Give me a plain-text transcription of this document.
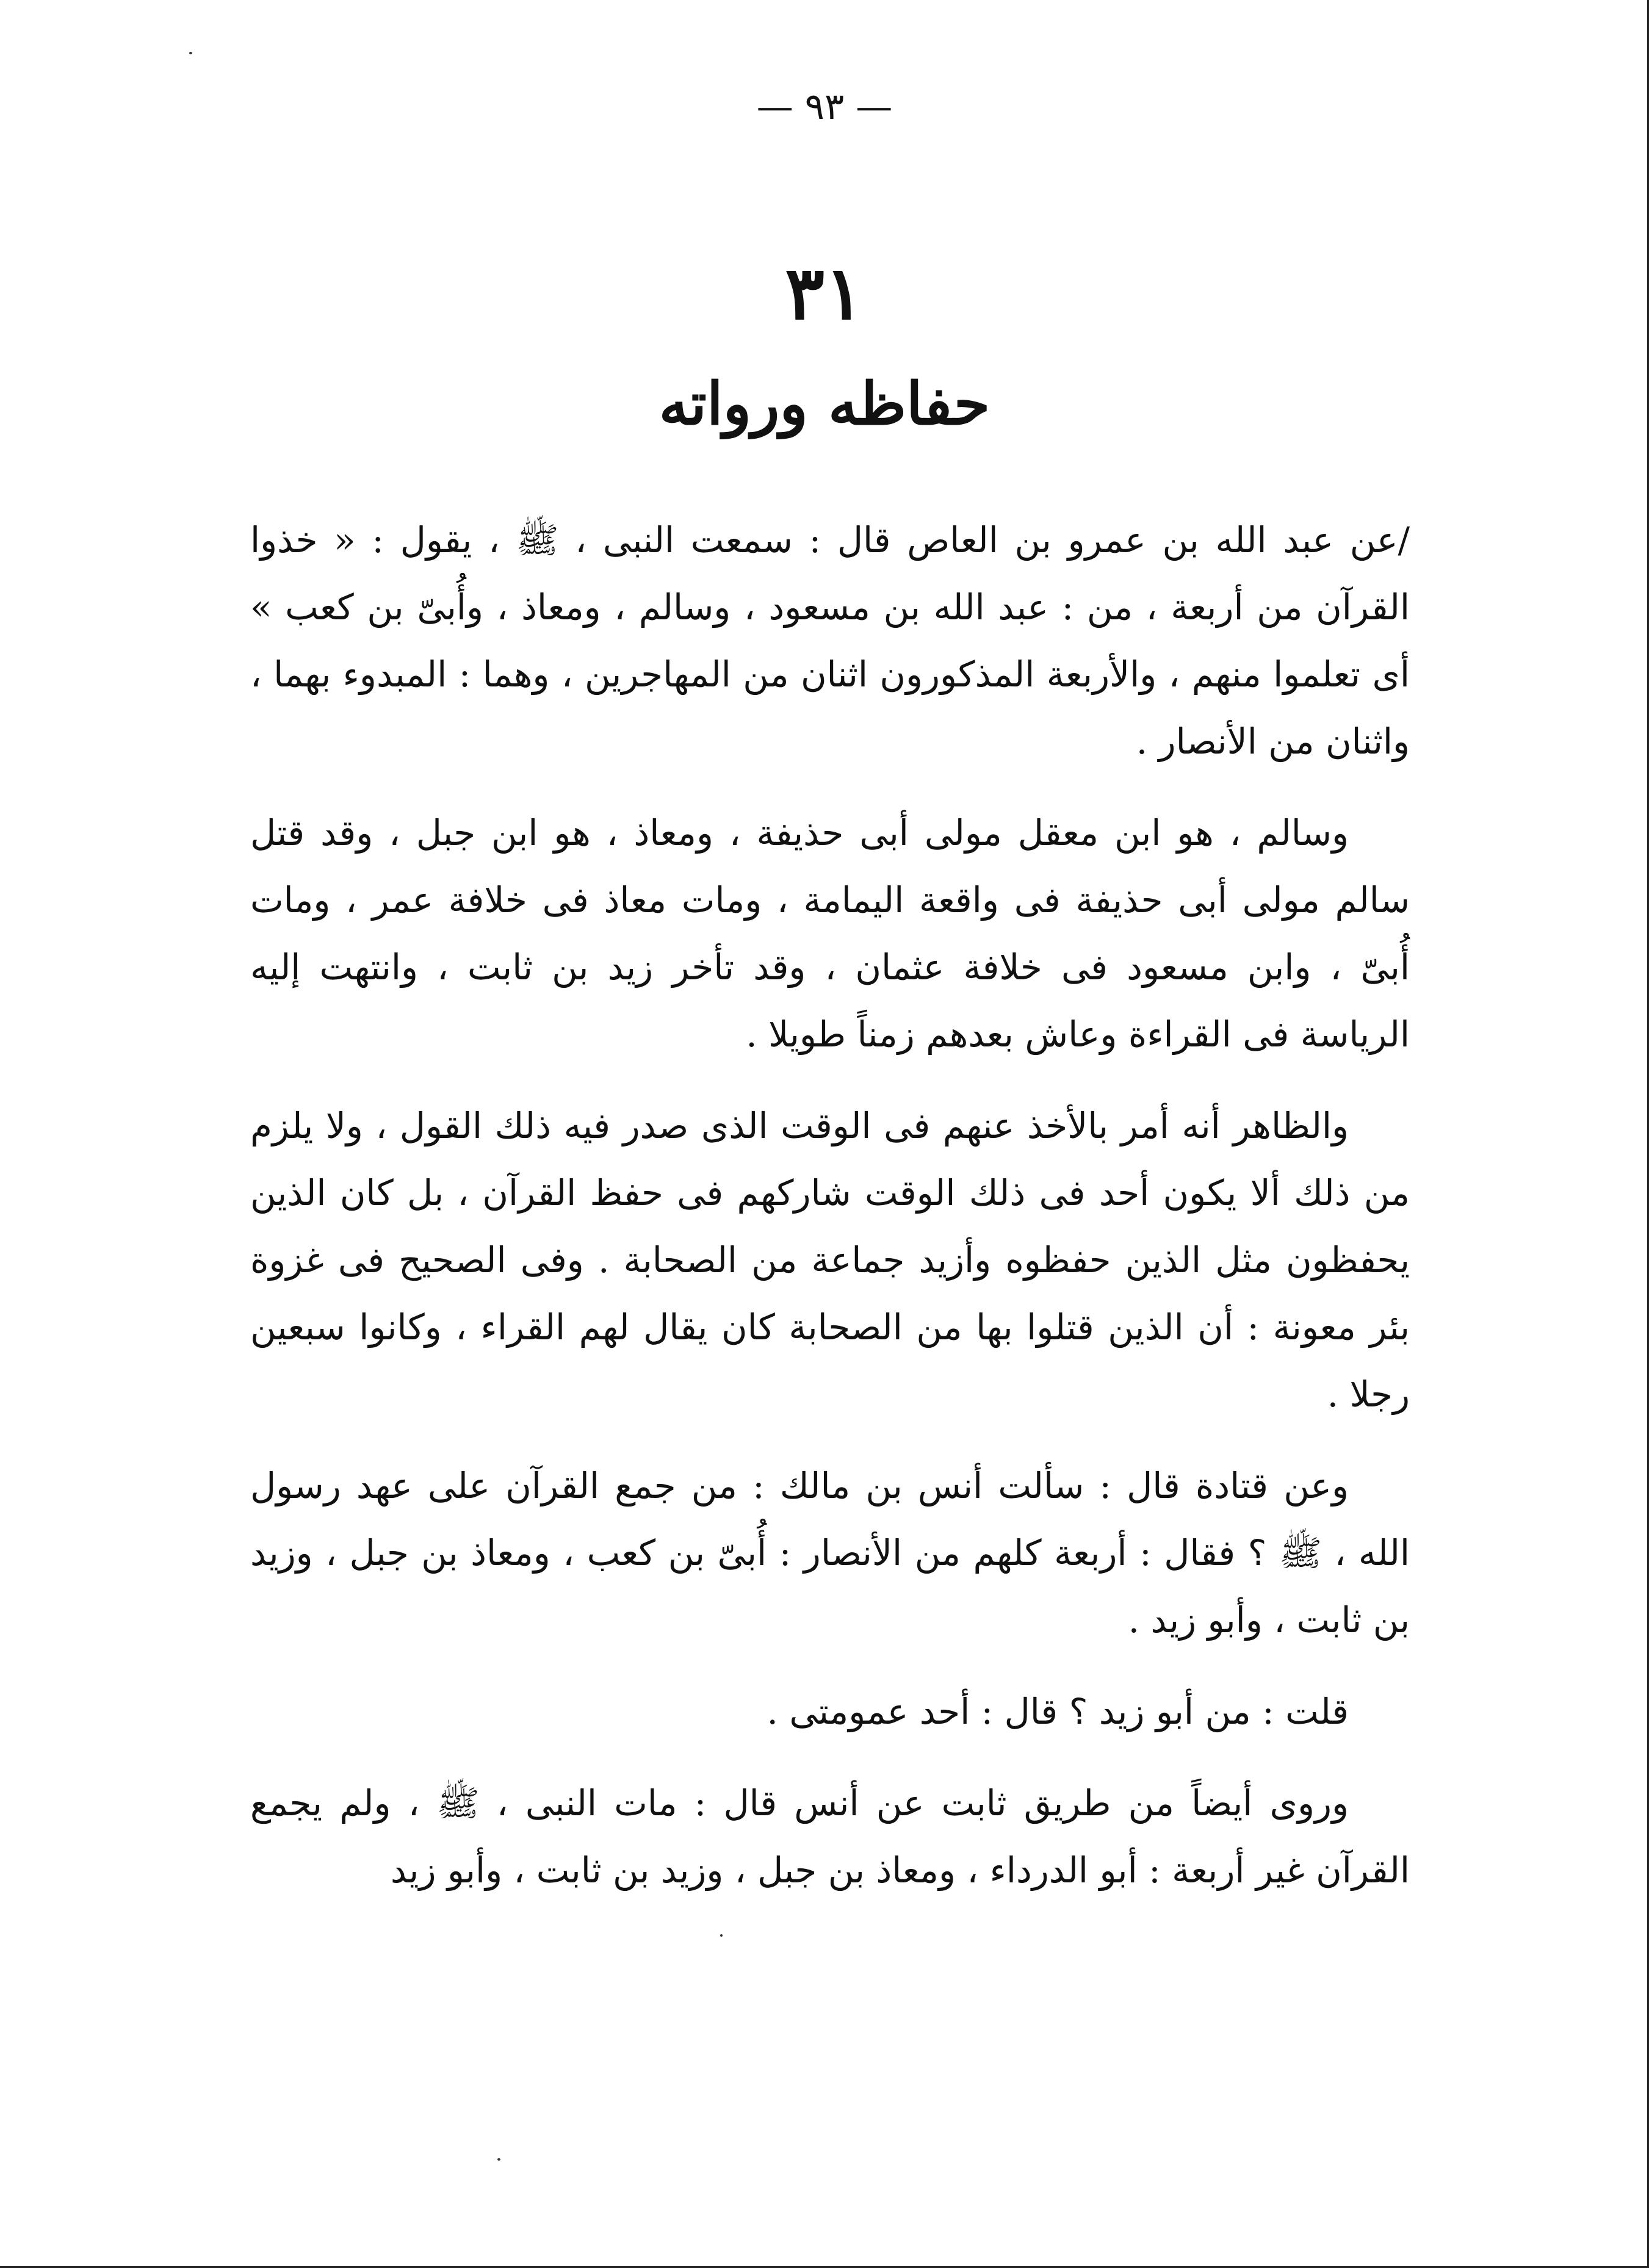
— ٩٣ —
٣١
حفاظه ورواته

/عن عبد الله بن عمرو بن العاص قال : سمعت النبى ، ﷺ ، يقول : « خذوا القرآن من أربعة ، من : عبد الله بن مسعود ، وسالم ، ومعاذ ، وأُبىّ بن كعب » أى تعلموا منهم ، والأربعة المذكورون اثنان من المهاجرين ، وهما : المبدوء بهما ، واثنان من الأنصار .

وسالم ، هو ابن معقل مولى أبى حذيفة ، ومعاذ ، هو ابن جبل ، وقد قتل سالم مولى أبى حذيفة فى واقعة اليمامة ، ومات معاذ فى خلافة عمر ، ومات أُبىّ ، وابن مسعود فى خلافة عثمان ، وقد تأخر زيد بن ثابت ، وانتهت إليه الرياسة فى القراءة وعاش بعدهم زمناً طويلا .

والظاهر أنه أمر بالأخذ عنهم فى الوقت الذى صدر فيه ذلك القول ، ولا يلزم من ذلك ألا يكون أحد فى ذلك الوقت شاركهم فى حفظ القرآن ، بل كان الذين يحفظون مثل الذين حفظوه وأزيد جماعة من الصحابة . وفى الصحيح فى غزوة بئر معونة : أن الذين قتلوا بها من الصحابة كان يقال لهم القراء ، وكانوا سبعين رجلا .

وعن قتادة قال : سألت أنس بن مالك : من جمع القرآن على عهد رسول الله ، ﷺ ؟ فقال : أربعة كلهم من الأنصار : أُبىّ بن كعب ، ومعاذ بن جبل ، وزيد بن ثابت ، وأبو زيد .

قلت : من أبو زيد ؟ قال : أحد عمومتى .

وروى أيضاً من طريق ثابت عن أنس قال : مات النبى ، ﷺ ، ولم يجمع القرآن غير أربعة : أبو الدرداء ، ومعاذ بن جبل ، وزيد بن ثابت ، وأبو زيد
